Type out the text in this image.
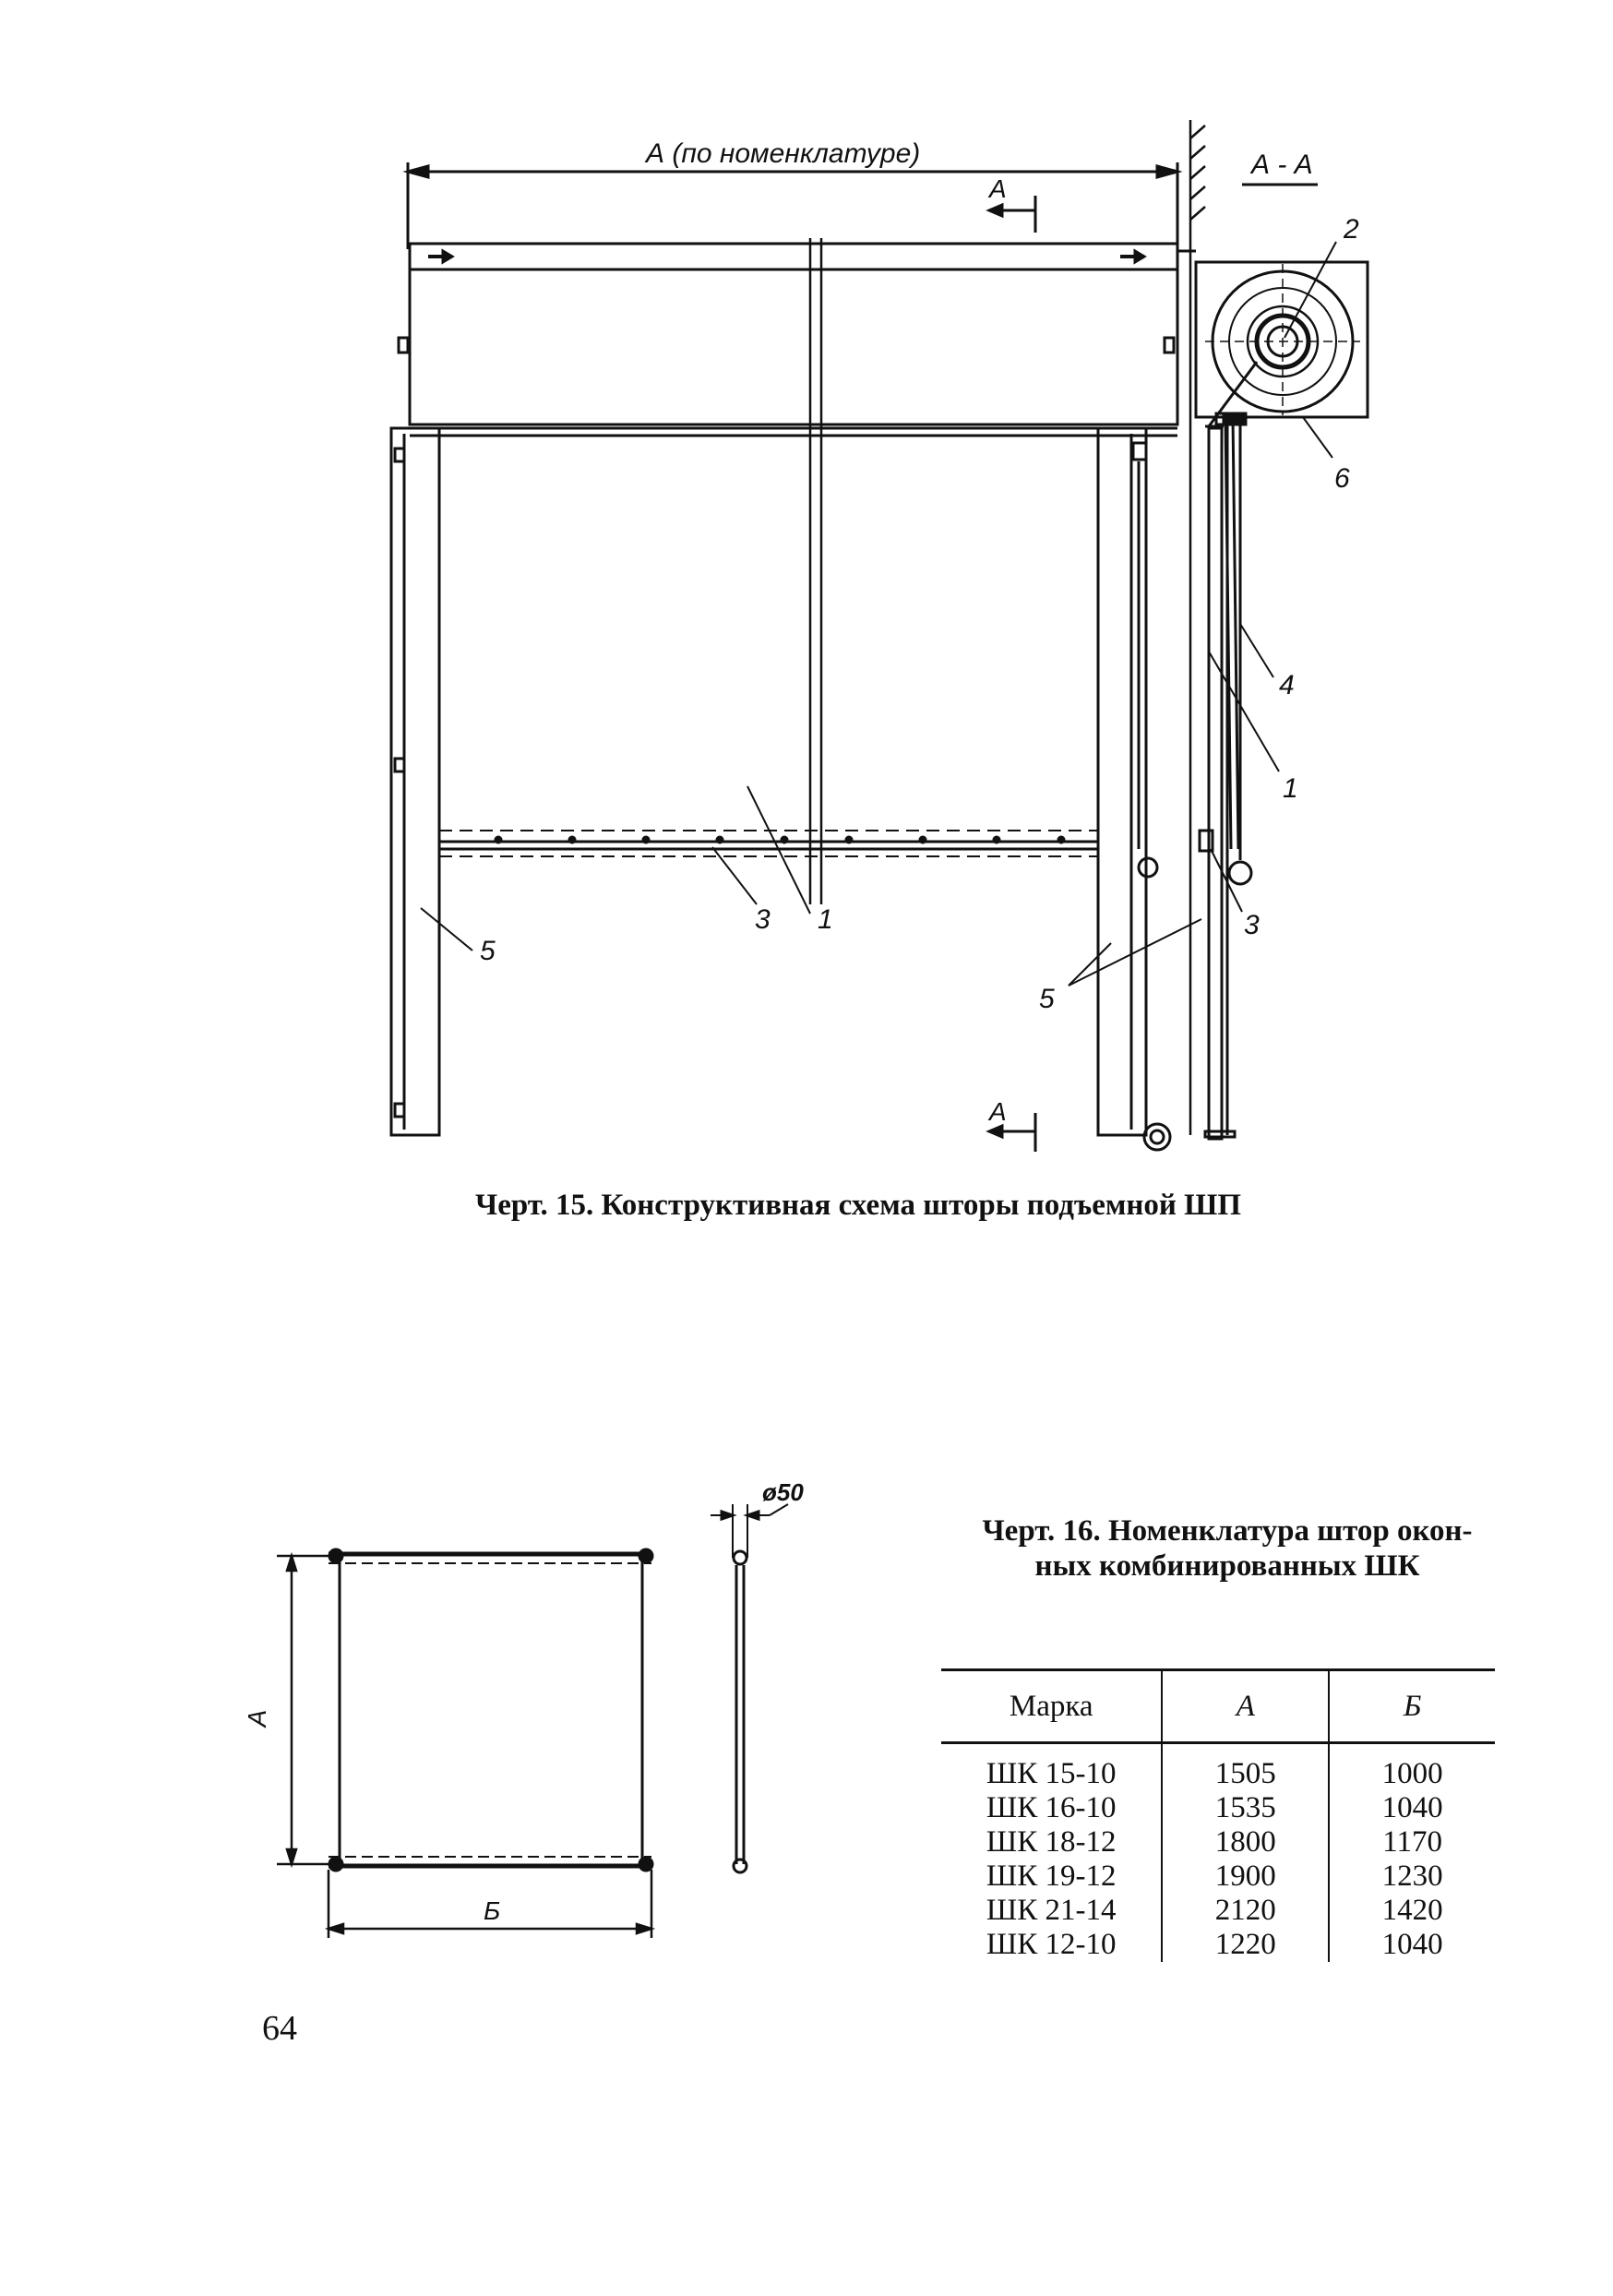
А (по номенклатуре)
А
1
3
5
А
А - А
2
6
4
1
3
5
Черт. 15. Конструктивная схема шторы подъемной ШП
А
Б
ø50
Черт. 16. Номенклатура штор окон-
ных комбинированных ШК
Марка	А	Б
ШК 15-10	1505	1000
ШК 16-10	1535	1040
ШК 18-12	1800	1170
ШК 19-12	1900	1230
ШК 21-14	2120	1420
ШК 12-10	1220	1040
64
